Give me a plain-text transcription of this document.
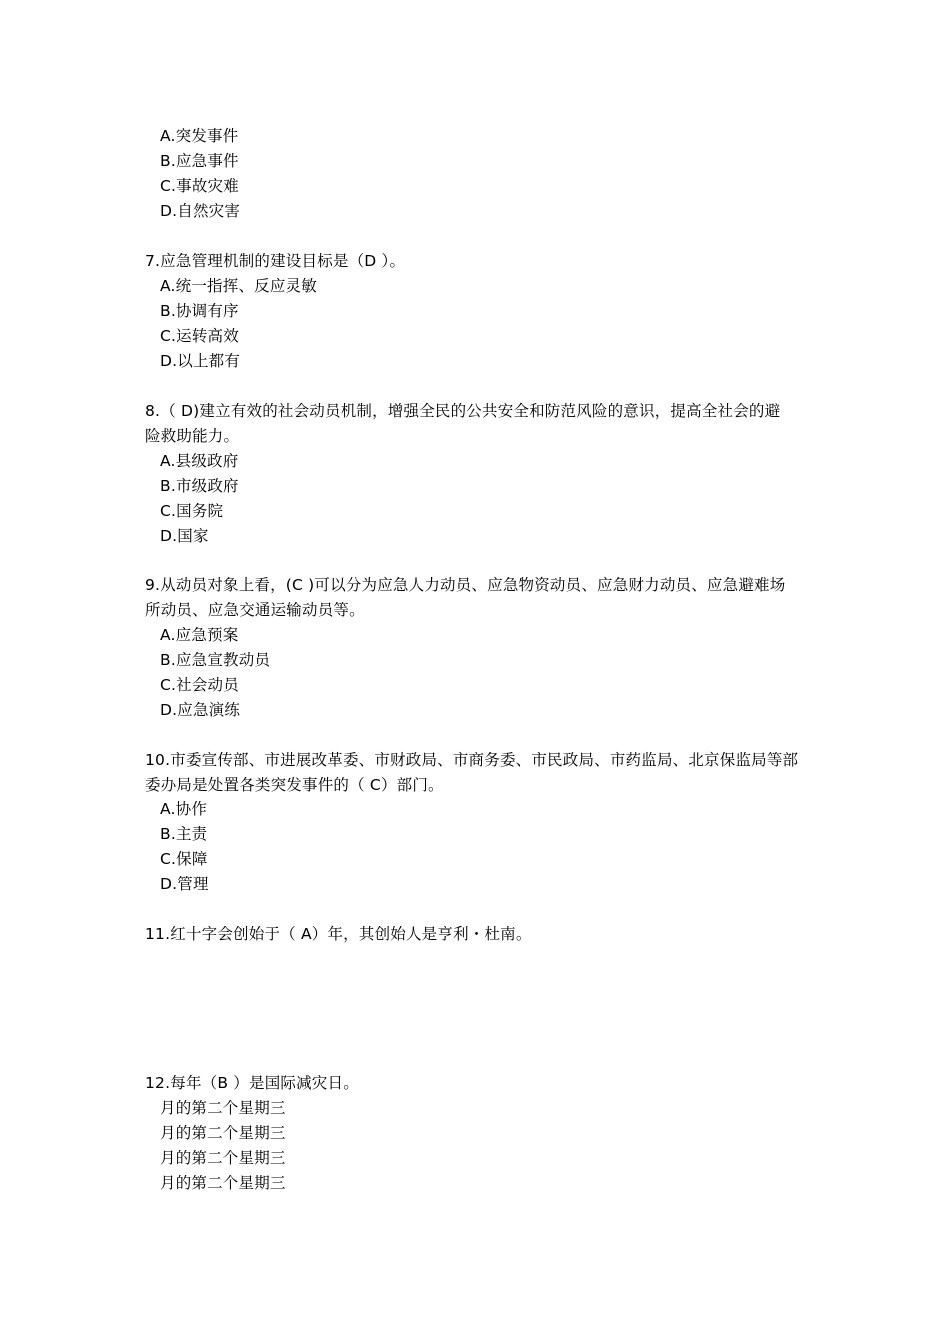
A.突发事件
B.应急事件
C.事故灾难
D.自然灾害
7.应急管理机制的建设目标是（D ）。
A.统一指挥、反应灵敏
B.协调有序
C.运转高效
D.以上都有
8.（ D)建立有效的社会动员机制，增强全民的公共安全和防范风险的意识，提高全社会的避
险救助能力。
A.县级政府
B.市级政府
C.国务院
D.国家
9.从动员对象上看，(C )可以分为应急人力动员、应急物资动员、应急财力动员、应急避难场
所动员、应急交通运输动员等。
A.应急预案
B.应急宣教动员
C.社会动员
D.应急演练
10.市委宣传部、市进展改革委、市财政局、市商务委、市民政局、市药监局、北京保监局等部
委办局是处置各类突发事件的（ C）部门。
A.协作
B.主责
C.保障
D.管理
11.红十字会创始于（ A）年，其创始人是亨利・杜南。
12.每年（B ）是国际减灾日。
月的第二个星期三
月的第二个星期三
月的第二个星期三
月的第二个星期三
